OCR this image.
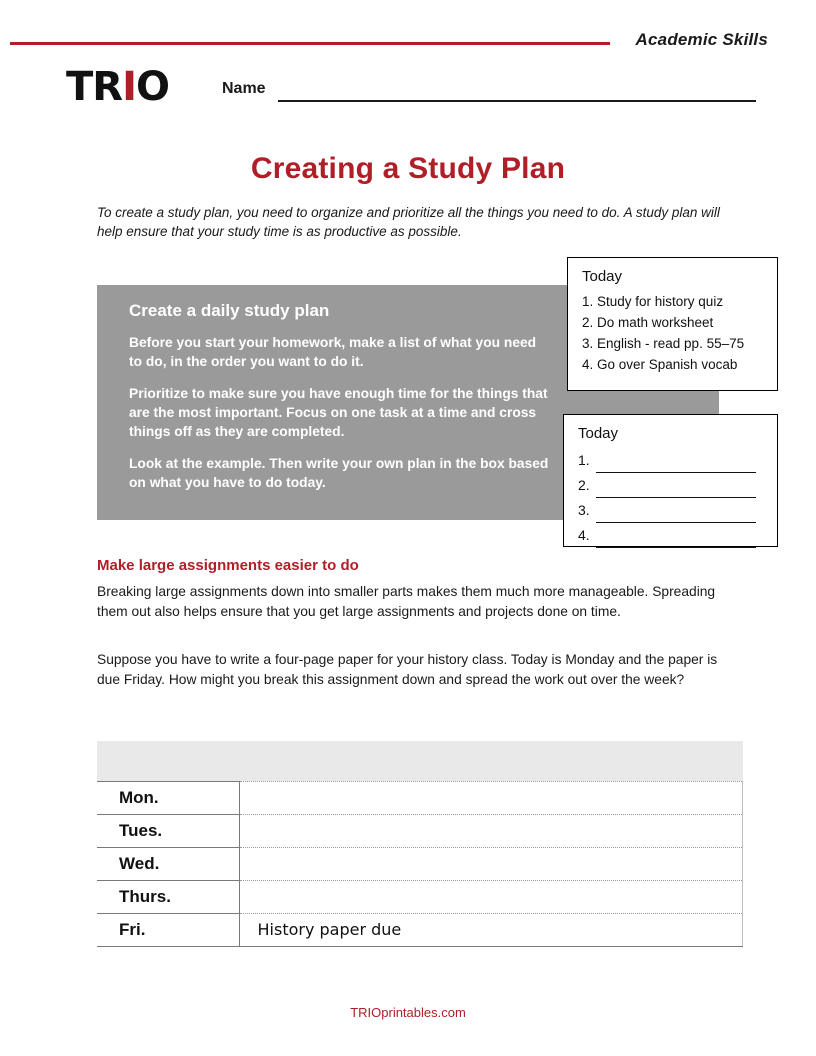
Academic Skills
TRIO	Name
Creating a Study Plan
To create a study plan, you need to organize and prioritize all the things you need to do. A study plan will help ensure that your study time is as productive as possible.
Create a daily study plan
Before you start your homework, make a list of what you need to do, in the order you want to do it.
Prioritize to make sure you have enough time for the things that are the most important. Focus on one task at a time and cross things off as they are completed.
Look at the example. Then write your own plan in the box based on what you have to do today.
Today
1. Study for history quiz
2. Do math worksheet
3. English - read pp. 55–75
4. Go over Spanish vocab
Today
1.
2.
3.
4.
Make large assignments easier to do
Breaking large assignments down into smaller parts makes them much more manageable. Spreading them out also helps ensure that you get large assignments and projects done on time.
Suppose you have to write a four-page paper for your history class. Today is Monday and the paper is due Friday. How might you break this assignment down and spread the work out over the week?

Mon.	
Tues.	
Wed.	
Thurs.	
Fri.	History paper due
TRIOprintables.com
